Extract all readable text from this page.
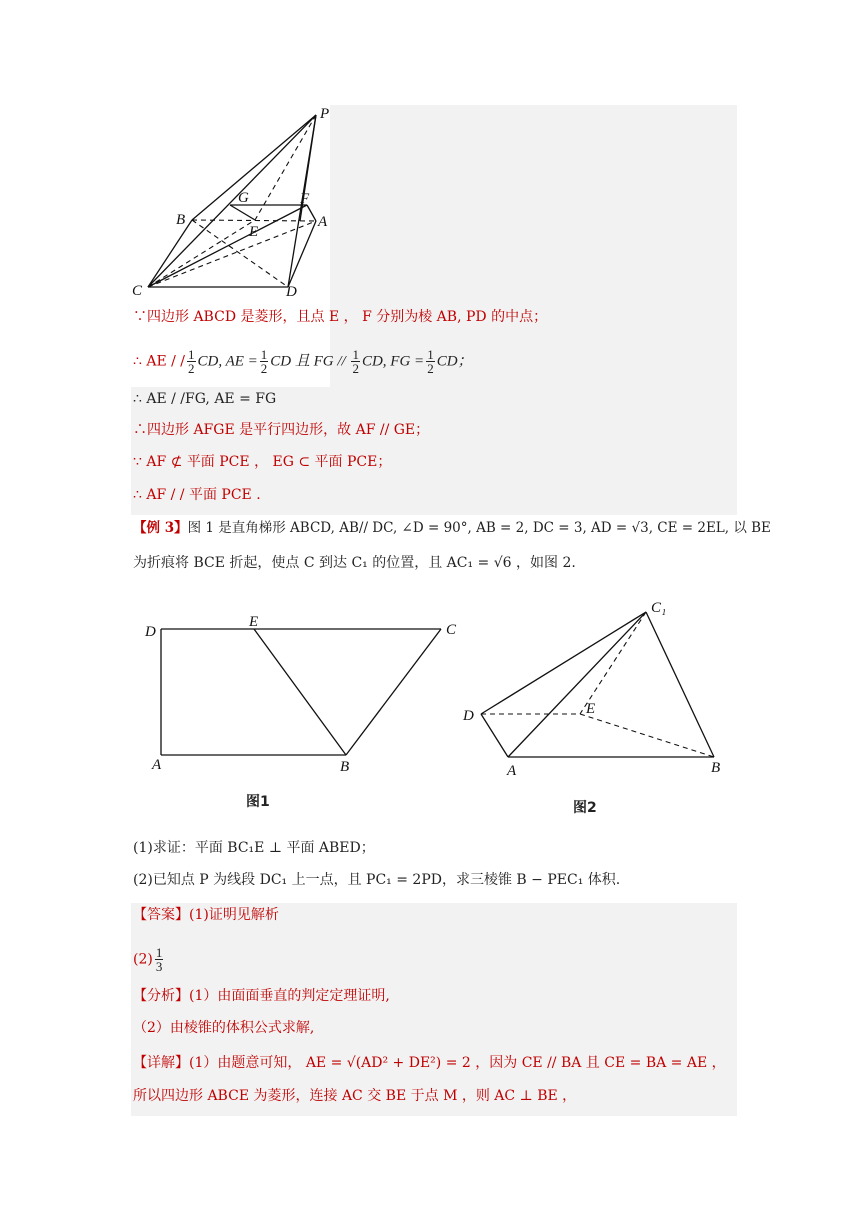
P
B
G	F
E
A
C	D
∵四边形 ABCD 是菱形，且点 E ， F 分别为棱 AB, PD 的中点；
∴ AE / / $\frac{1}{2}$ CD, AE = $\frac{1}{2}$ CD 且 FG // $\frac{1}{2}$ CD, FG = $\frac{1}{2}$ CD；
∴ AE / /FG, AE = FG
∴四边形 AFGE 是平行四边形，故 AF // GE；
∵ AF ⊄ 平面 PCE ， EG ⊂ 平面 PCE；
∴ AF / / 平面 PCE .
【例 3】图 1 是直角梯形 ABCD, AB// DC, ∠D = 90°, AB = 2, DC = 3, AD = √3, CE = 2EL, 以 BE
为折痕将 BCE 折起，使点 C 到达 C₁ 的位置，且 AC₁ = √6 ，如图 2.
D
E	C
A	B
图1
C₁
D	E
A	B
图2
(1)求证：平面 BC₁E ⊥ 平面 ABED；
(2)已知点 P 为线段 DC₁ 上一点，且 PC₁ = 2PD，求三棱锥 B − PEC₁ 体积.
【答案】(1)证明见解析
$(2) \frac{1}{3}$
【分析】(1）由面面垂直的判定定理证明,
（2）由棱锥的体积公式求解,
【详解】(1）由题意可知， AE = √(AD² + DE²) = 2 ，因为 CE // BA 且 CE = BA = AE ，
所以四边形 ABCE 为菱形，连接 AC 交 BE 于点 M ，则 AC ⊥ BE ，
